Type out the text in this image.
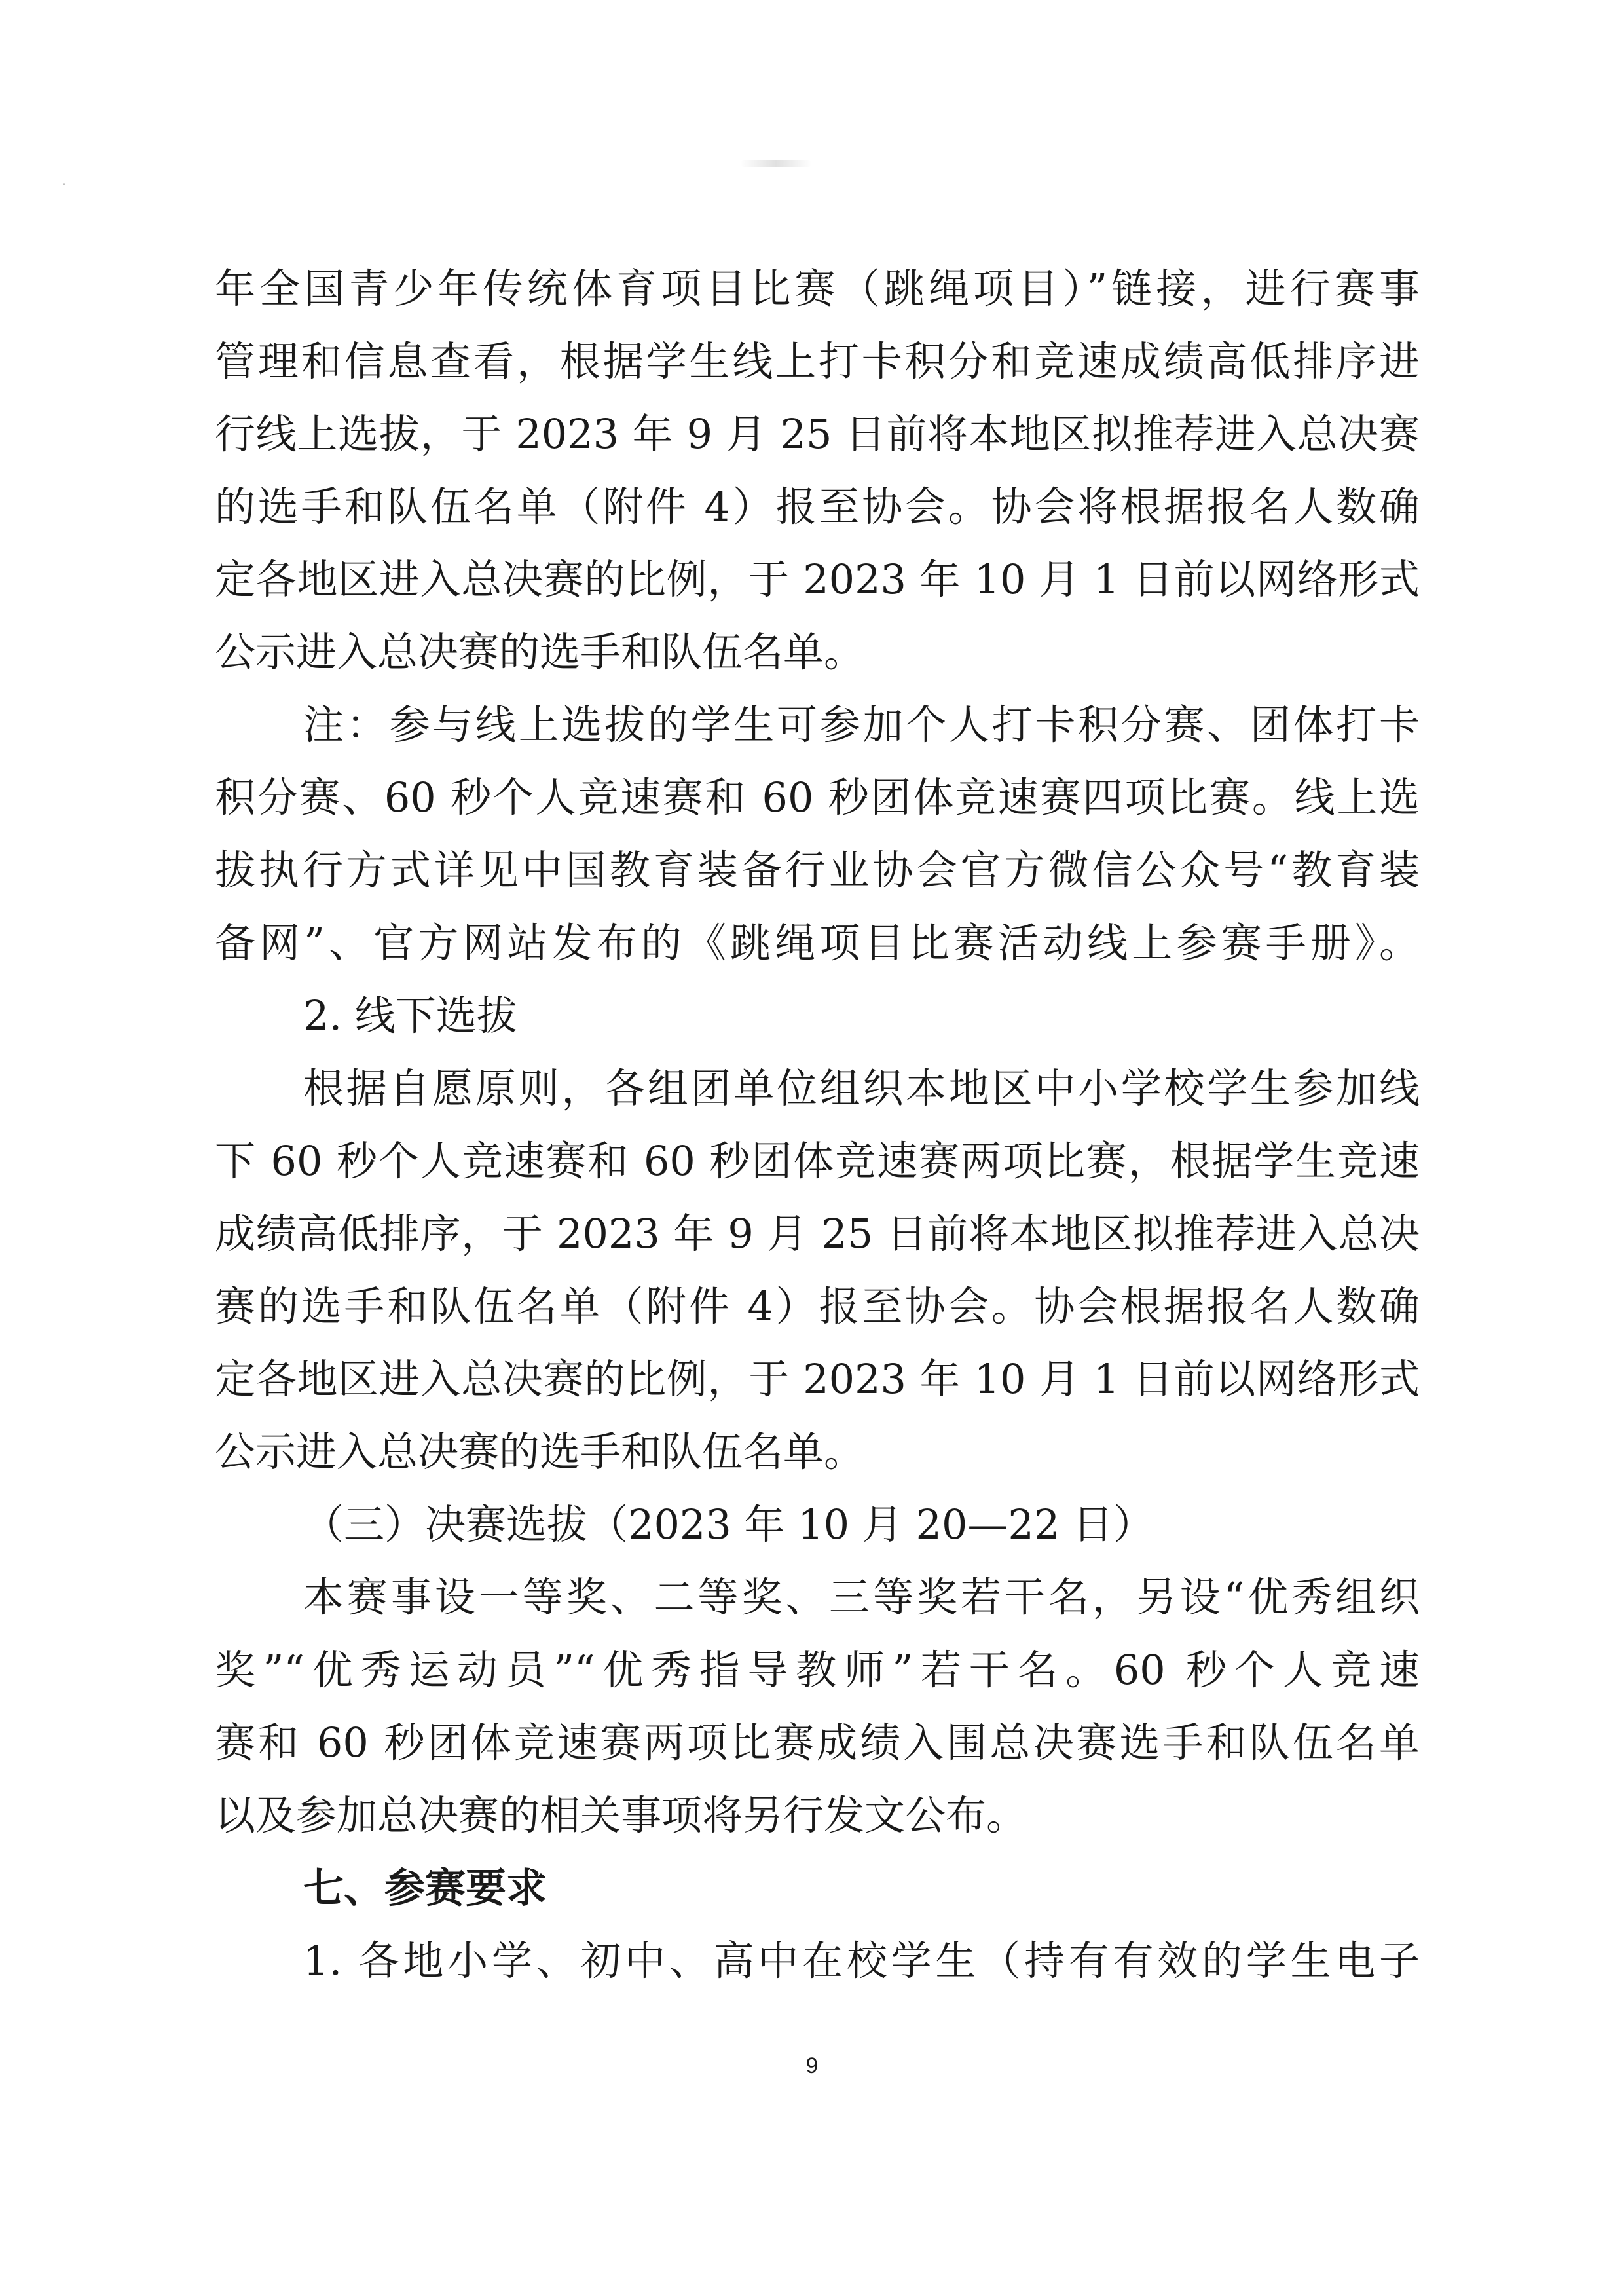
年全国青少年传统体育项目比赛（跳绳项目）”链接，进行赛事
管理和信息查看，根据学生线上打卡积分和竞速成绩高低排序进
行线上选拔，于 2023 年 9 月 25 日前将本地区拟推荐进入总决赛
的选手和队伍名单（附件 4）报至协会。协会将根据报名人数确
定各地区进入总决赛的比例，于 2023 年 10 月 1 日前以网络形式
公示进入总决赛的选手和队伍名单。
注：参与线上选拔的学生可参加个人打卡积分赛、团体打卡
积分赛、60 秒个人竞速赛和 60 秒团体竞速赛四项比赛。线上选
拔执行方式详见中国教育装备行业协会官方微信公众号“教育装
备网”、官方网站发布的《跳绳项目比赛活动线上参赛手册》。
2. 线下选拔
根据自愿原则，各组团单位组织本地区中小学校学生参加线
下 60 秒个人竞速赛和 60 秒团体竞速赛两项比赛，根据学生竞速
成绩高低排序，于 2023 年 9 月 25 日前将本地区拟推荐进入总决
赛的选手和队伍名单（附件 4）报至协会。协会根据报名人数确
定各地区进入总决赛的比例，于 2023 年 10 月 1 日前以网络形式
公示进入总决赛的选手和队伍名单。
（三）决赛选拔（2023 年 10 月 20—22 日）
本赛事设一等奖、二等奖、三等奖若干名，另设“优秀组织
奖”“优秀运动员”“优秀指导教师”若干名。60 秒个人竞速
赛和 60 秒团体竞速赛两项比赛成绩入围总决赛选手和队伍名单
以及参加总决赛的相关事项将另行发文公布。
七、参赛要求
1. 各地小学、初中、高中在校学生（持有有效的学生电子
9
